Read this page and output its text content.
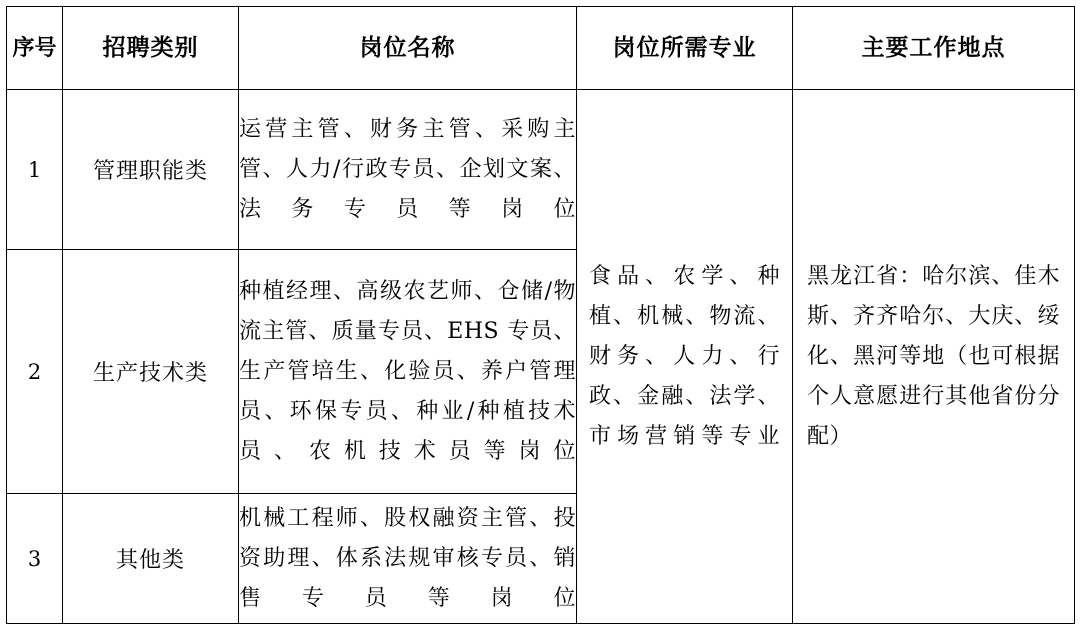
序号	招聘类别	岗位名称	岗位所需专业	主要工作地点
1	管理职能类	运营主管、财务主管、采购主管、人力/行政专员、企划文案、法务专员等岗位	食品、农学、种植、机械、物流、财务、人力、行政、金融、法学、市场营销等专业	黑龙江省：哈尔滨、佳木斯、齐齐哈尔、大庆、绥化、黑河等地（也可根据个人意愿进行其他省份分配）
2	生产技术类	种植经理、高级农艺师、仓储/物流主管、质量专员、EHS 专员、生产管培生、化验员、养户管理员、环保专员、种业/种植技术员、农机技术员等岗位		
3	其他类	机械工程师、股权融资主管、投资助理、体系法规审核专员、销售专员等岗位		
